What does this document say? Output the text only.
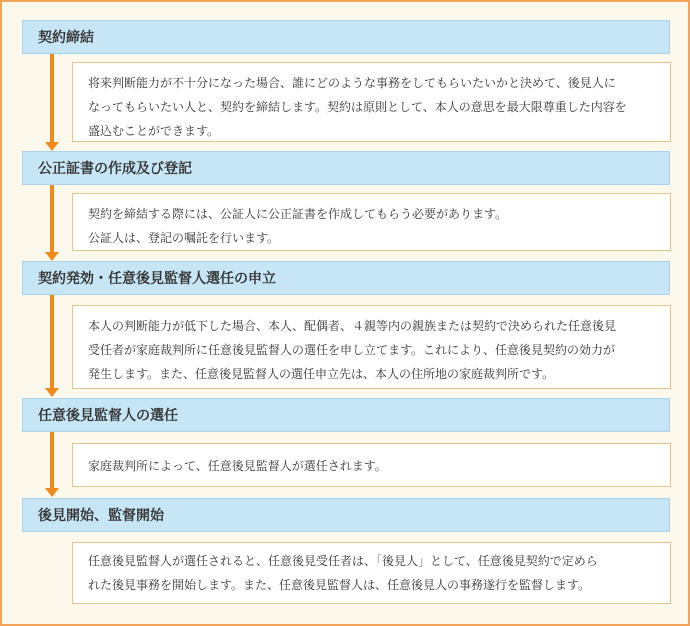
契約締結

将来判断能力が不十分になった場合、誰にどのような事務をしてもらいたいかと決めて、後見人に

なってもらいたい人と、契約を締結します。契約は原則として、本人の意思を最大限尊重した内容を

盛込むことができます。

公正証書の作成及び登記

契約を締結する際には、公証人に公正証書を作成してもらう必要があります。

公証人は、登記の嘱託を行います。

契約発効・任意後見監督人選任の申立

本人の判断能力が低下した場合、本人、配偶者、４親等内の親族または契約で決められた任意後見

受任者が家庭裁判所に任意後見監督人の選任を申し立てます。これにより、任意後見契約の効力が

発生します。また、任意後見監督人の選任申立先は、本人の住所地の家庭裁判所です。

任意後見監督人の選任

家庭裁判所によって、任意後見監督人が選任されます。

後見開始、監督開始

任意後見監督人が選任されると、任意後見受任者は、「後見人」として、任意後見契約で定めら

れた後見事務を開始します。また、任意後見監督人は、任意後見人の事務遂行を監督します。
